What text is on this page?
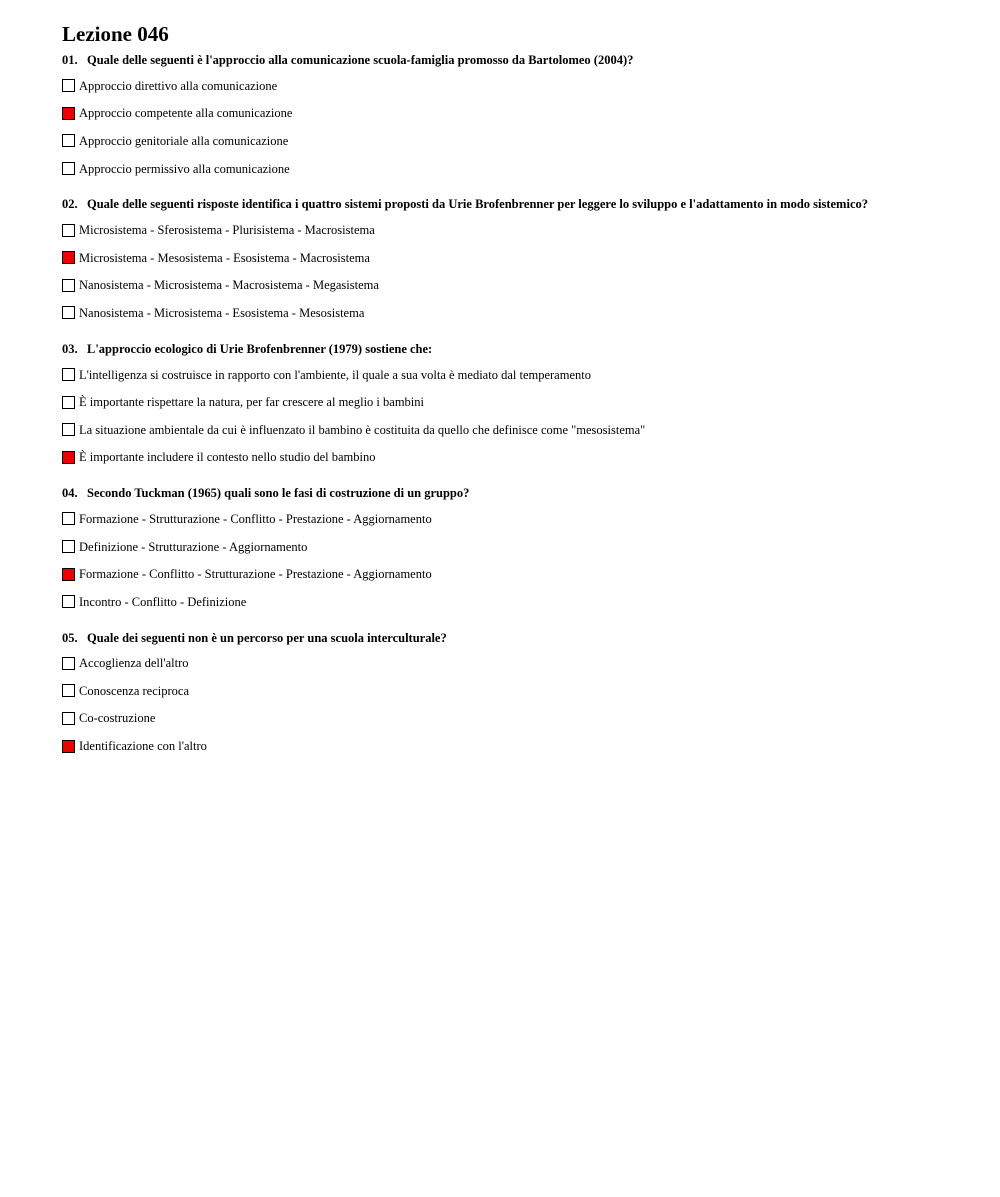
Lezione 046
01. Quale delle seguenti è l'approccio alla comunicazione scuola-famiglia promosso da Bartolomeo (2004)?
Approccio direttivo alla comunicazione
Approccio competente alla comunicazione
Approccio genitoriale alla comunicazione
Approccio permissivo alla comunicazione
02. Quale delle seguenti risposte identifica i quattro sistemi proposti da Urie Brofenbrenner per leggere lo sviluppo e l'adattamento in modo sistemico?
Microsistema - Sferosistema - Plurisistema - Macrosistema
Microsistema - Mesosistema - Esosistema - Macrosistema
Nanosistema - Microsistema - Macrosistema - Megasistema
Nanosistema - Microsistema - Esosistema - Mesosistema
03. L'approccio ecologico di Urie Brofenbrenner (1979) sostiene che:
L'intelligenza si costruisce in rapporto con l'ambiente, il quale a sua volta è mediato dal temperamento
È importante rispettare la natura, per far crescere al meglio i bambini
La situazione ambientale da cui è influenzato il bambino è costituita da quello che definisce come "mesosistema"
È importante includere il contesto nello studio del bambino
04. Secondo Tuckman (1965) quali sono le fasi di costruzione di un gruppo?
Formazione - Strutturazione - Conflitto - Prestazione - Aggiornamento
Definizione - Strutturazione - Aggiornamento
Formazione - Conflitto - Strutturazione - Prestazione - Aggiornamento
Incontro - Conflitto - Definizione
05. Quale dei seguenti non è un percorso per una scuola interculturale?
Accoglienza dell'altro
Conoscenza reciproca
Co-costruzione
Identificazione con l'altro
